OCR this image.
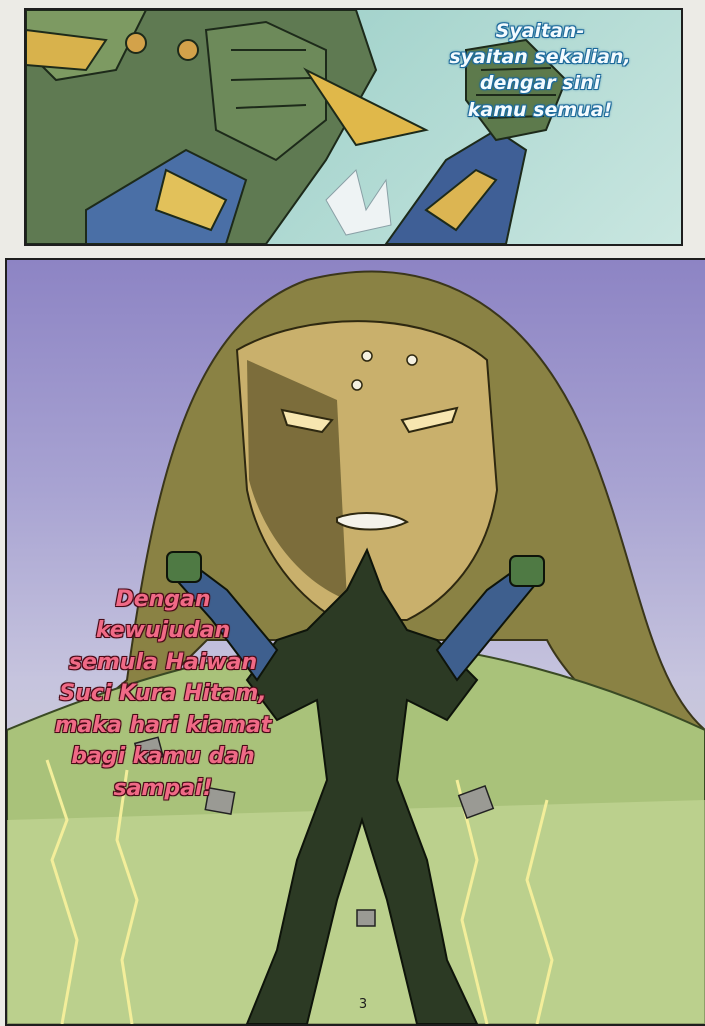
Syaitan-
syaitan sekalian,
dengar sini
kamu semua!

Dengan
kewujudan
semula Haiwan
Suci Kura Hitam,
maka hari kiamat
bagi kamu dah
sampai!

3
